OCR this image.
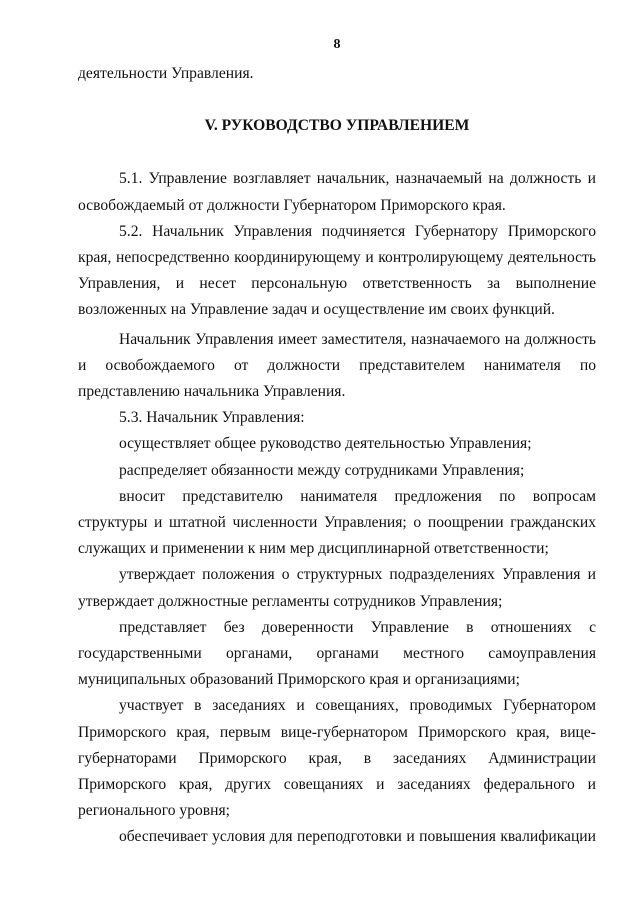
8

деятельности Управления.

V. РУКОВОДСТВО УПРАВЛЕНИЕМ

5.1. Управление возглавляет начальник, назначаемый на должность и освобождаемый от должности Губернатором Приморского края.

5.2. Начальник Управления подчиняется Губернатору Приморского края, непосредственно координирующему и контролирующему деятельность Управления, и несет персональную ответственность за выполнение возложенных на Управление задач и осуществление им своих функций.

Начальник Управления имеет заместителя, назначаемого на должность и освобождаемого от должности представителем нанимателя по представлению начальника Управления.

5.3. Начальник Управления:

осуществляет общее руководство деятельностью Управления;

распределяет обязанности между сотрудниками Управления;

вносит представителю нанимателя предложения по вопросам структуры и штатной численности Управления; о поощрении гражданских служащих и применении к ним мер дисциплинарной ответственности;

утверждает положения о структурных подразделениях Управления и утверждает должностные регламенты сотрудников Управления;

представляет без доверенности Управление в отношениях с государственными органами, органами местного самоуправления муниципальных образований Приморского края и организациями;

участвует в заседаниях и совещаниях, проводимых Губернатором Приморского края, первым вице-губернатором Приморского края, вице-губернаторами Приморского края, в заседаниях Администрации Приморского края, других совещаниях и заседаниях федерального и регионального уровня;

обеспечивает условия для переподготовки и повышения квалификации
